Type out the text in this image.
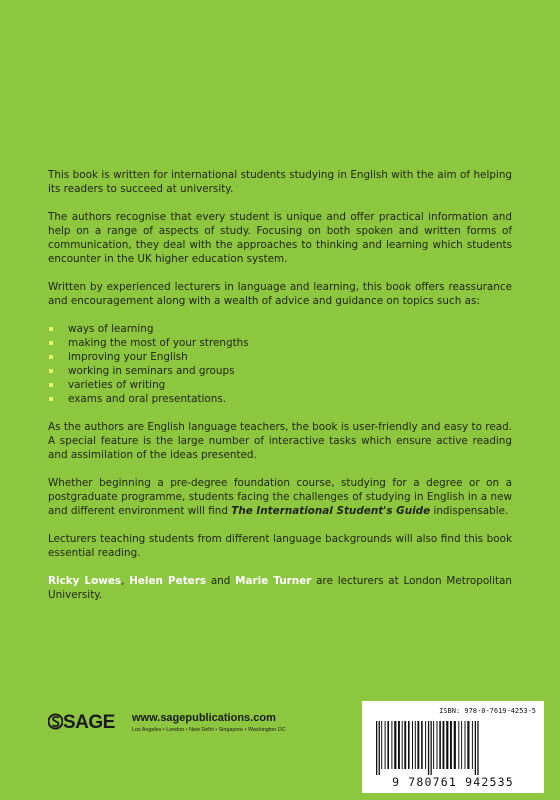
This book is written for international students studying in English with the aim of helping its readers to succeed at university.

The authors recognise that every student is unique and offer practical information and help on a range of aspects of study. Focusing on both spoken and written forms of communication, they deal with the approaches to thinking and learning which students encounter in the UK higher education system.

Written by experienced lecturers in language and learning, this book offers reassurance and encouragement along with a wealth of advice and guidance on topics such as:

ways of learning
making the most of your strengths
improving your English
working in seminars and groups
varieties of writing
exams and oral presentations.

As the authors are English language teachers, the book is user-friendly and easy to read. A special feature is the large number of interactive tasks which ensure active reading and assimilation of the ideas presented.

Whether beginning a pre-degree foundation course, studying for a degree or on a postgraduate programme, students facing the challenges of studying in English in a new and different environment will find The International Student's Guide indispensable.

Lecturers teaching students from different language backgrounds will also find this book essential reading.

Ricky Lowes, Helen Peters and Marie Turner are lecturers at London Metropolitan University.

SAGE www.sagepublications.com
Los Angeles • London • New Delhi • Singapore • Washington DC
ISBN: 978-0-7619-4253-5
9 780761 942535
